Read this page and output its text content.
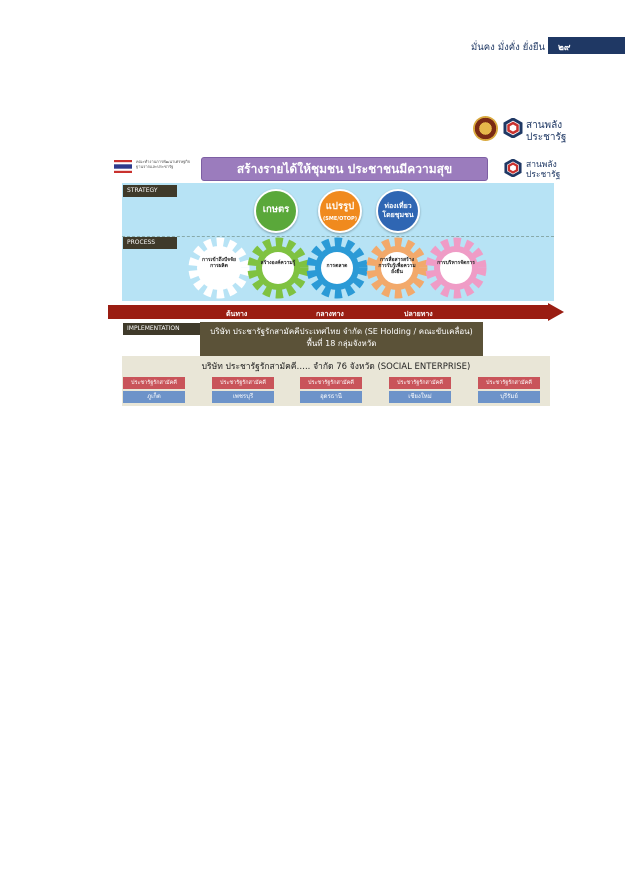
มั่นคง มั่งคั่ง ยั่งยืน	๒๙
สานพลัง
ประชารัฐ
คณะทำงานการพัฒนาเศรษฐกิจฐานรากและประชารัฐ	สร้างรายได้ให้ชุมชน ประชาชนมีความสุข	สานพลัง
ประชารัฐ
STRATEGY
PROCESS
เกษตร	แปรรูป
(SME/OTOP)
ท่องเที่ยวโดยชุมชน
การเข้าถึงปัจจัยการผลิต	สร้างองค์ความรู้	การตลาด
การสื่อสารสร้างการรับรู้เพื่อความยั่งยืน
การบริหารจัดการ
IMPLEMENTATION	บริษัท ประชารัฐรักสามัคคีประเทศไทย จำกัด (SE Holding / คณะขับเคลื่อน)
พื้นที่ 18 กลุ่มจังหวัด
ต้นทาง	กลางทาง	ปลายทาง
บริษัท ประชารัฐรักสามัคคี….. จำกัด 76 จังหวัด (SOCIAL ENTERPRISE)
ประชารัฐรักสามัคคี
ภูเก็ต
ประชารัฐรักสามัคคี
เพชรบุรี
ประชารัฐรักสามัคคี
อุดรธานี
ประชารัฐรักสามัคคี
เชียงใหม่
ประชารัฐรักสามัคคี
บุรีรัมย์
